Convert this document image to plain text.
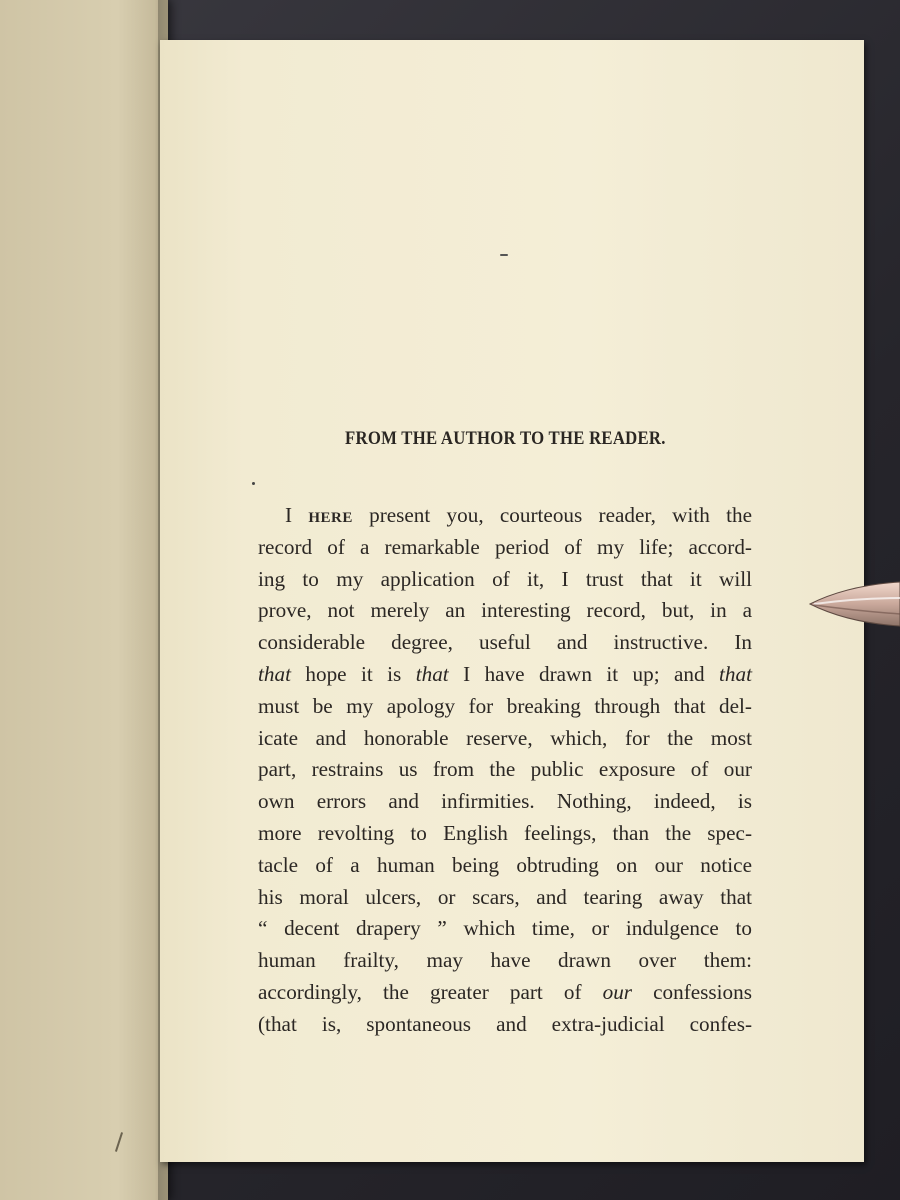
FROM THE AUTHOR TO THE READER.
I here present you, courteous reader, with the
record of a remarkable period of my life; accord-
ing to my application of it, I trust that it will
prove, not merely an interesting record, but, in a
considerable degree, useful and instructive. In
that hope it is that I have drawn it up; and that
must be my apology for breaking through that del-
icate and honorable reserve, which, for the most
part, restrains us from the public exposure of our
own errors and infirmities. Nothing, indeed, is
more revolting to English feelings, than the spec-
tacle of a human being obtruding on our notice
his moral ulcers, or scars, and tearing away that
“ decent drapery ” which time, or indulgence to
human frailty, may have drawn over them:
accordingly, the greater part of our confessions
(that is, spontaneous and extra-judicial confes-
